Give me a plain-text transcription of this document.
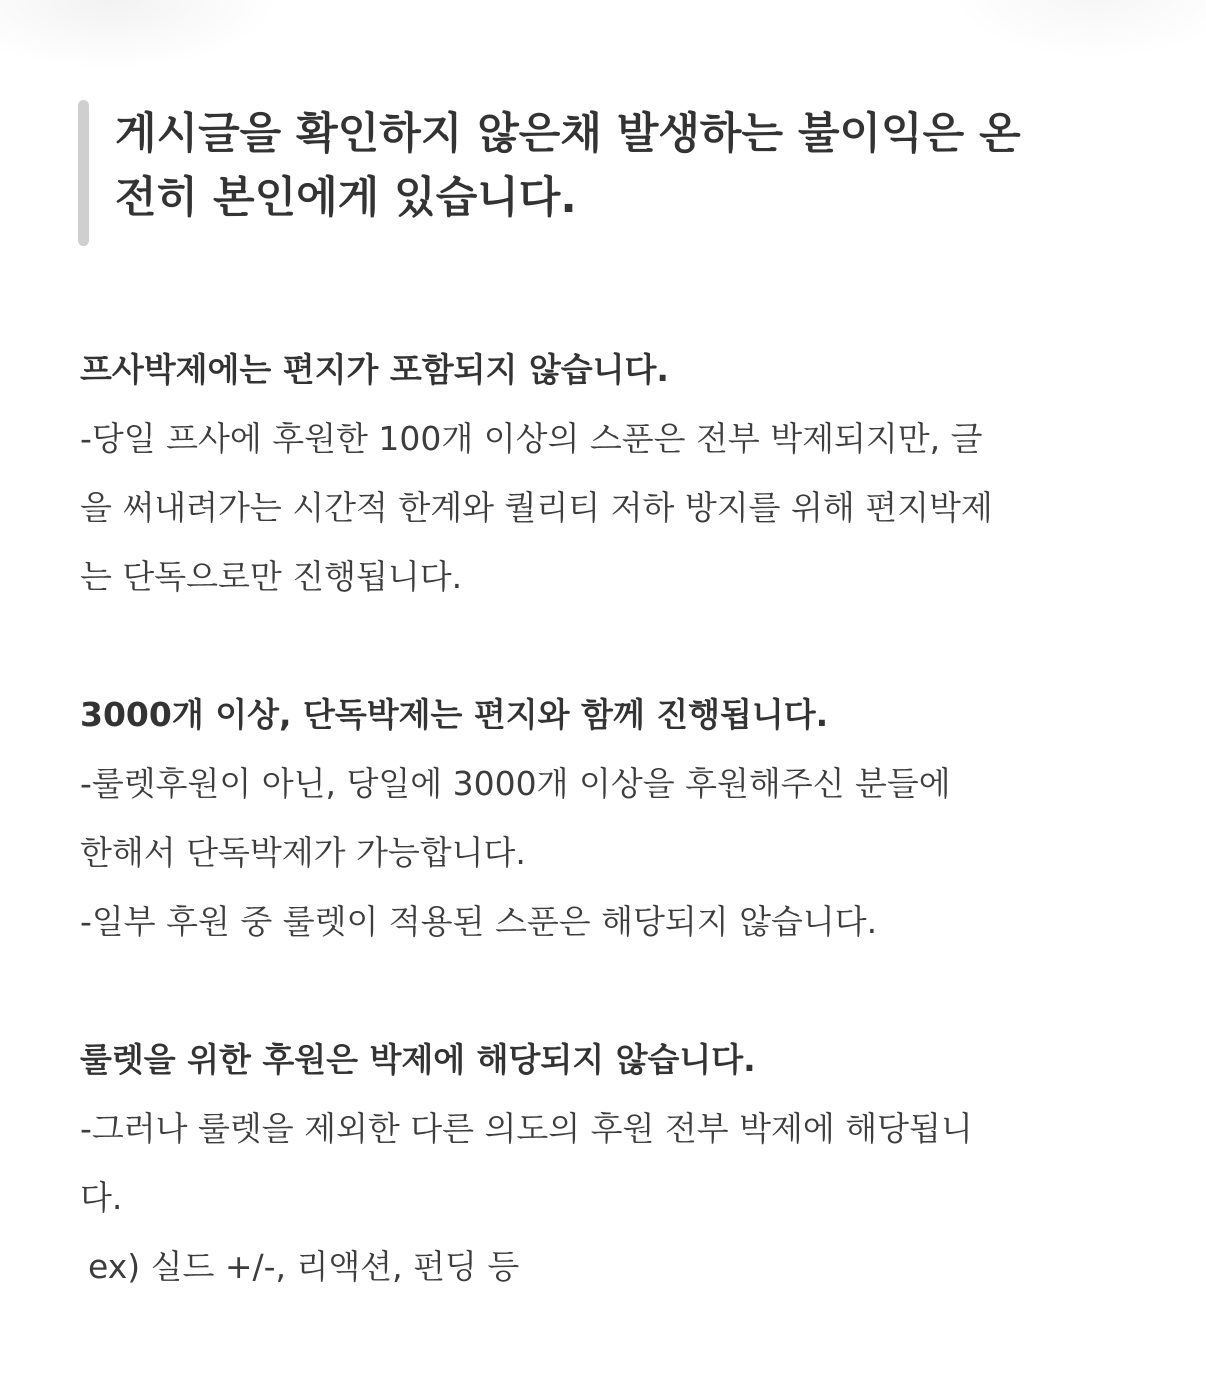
게시글을 확인하지 않은채 발생하는 불이익은 온
전히 본인에게 있습니다.
프사박제에는 편지가 포함되지 않습니다.
-당일 프사에 후원한 100개 이상의 스푼은 전부 박제되지만, 글
을 써내려가는 시간적 한계와 퀄리티 저하 방지를 위해 편지박제
는 단독으로만 진행됩니다.
3000개 이상, 단독박제는 편지와 함께 진행됩니다.
-룰렛후원이 아닌, 당일에 3000개 이상을 후원해주신 분들에
한해서 단독박제가 가능합니다.
-일부 후원 중 룰렛이 적용된 스푼은 해당되지 않습니다.
룰렛을 위한 후원은 박제에 해당되지 않습니다.
-그러나 룰렛을 제외한 다른 의도의 후원 전부 박제에 해당됩니
다.
ex) 실드 +/-, 리액션, 펀딩 등
